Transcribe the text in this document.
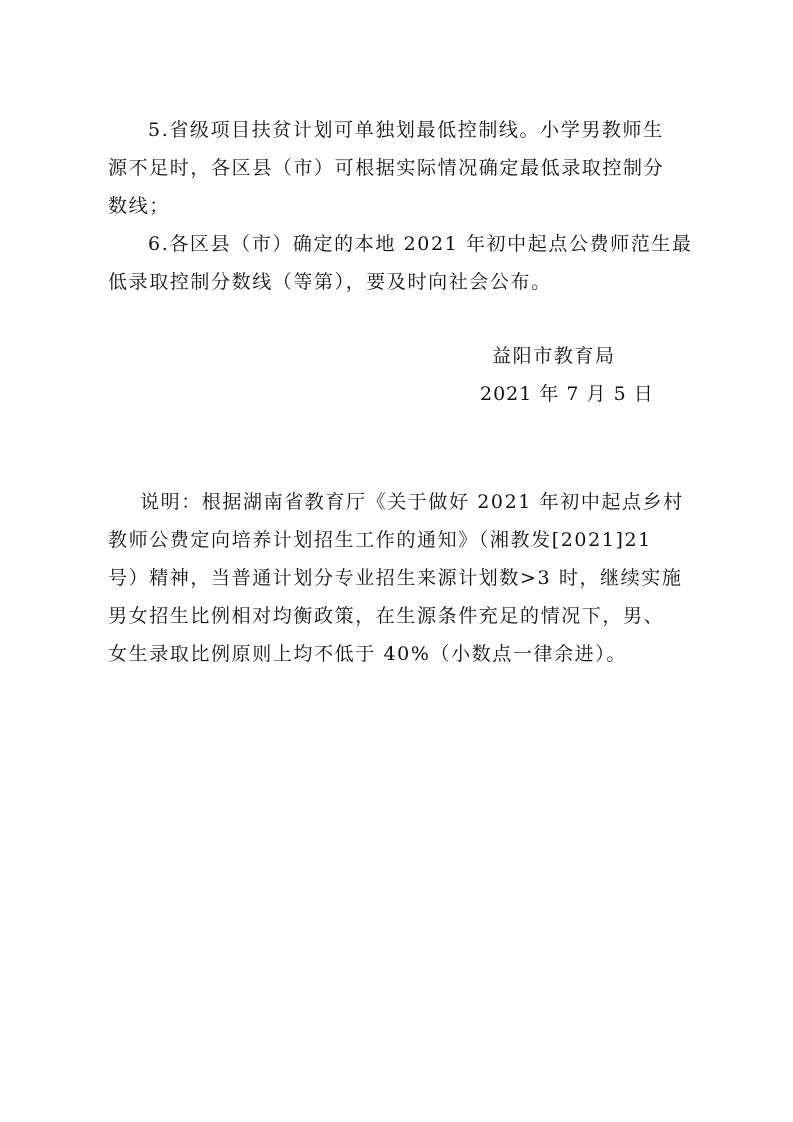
5.省级项目扶贫计划可单独划最低控制线。小学男教师生
源不足时，各区县（市）可根据实际情况确定最低录取控制分
数线；
6.各区县（市）确定的本地 2021 年初中起点公费师范生最
低录取控制分数线（等第），要及时向社会公布。
益阳市教育局
2021 年 7 月 5 日
说明：根据湖南省教育厅《关于做好 2021 年初中起点乡村
教师公费定向培养计划招生工作的通知》（湘教发[2021]21
号）精神，当普通计划分专业招生来源计划数>3 时，继续实施
男女招生比例相对均衡政策，在生源条件充足的情况下，男、
女生录取比例原则上均不低于 40%（小数点一律余进）。
